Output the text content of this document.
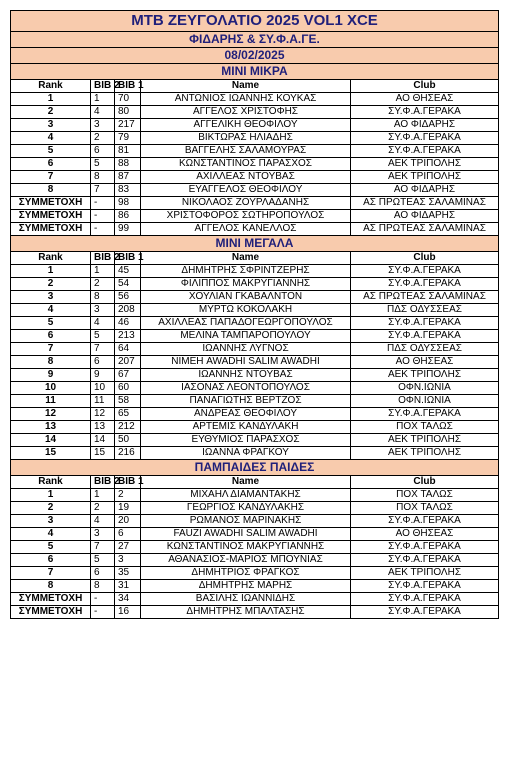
MTB ΖΕΥΓΟΛΑΤΙΟ 2025 VOL1 XCE				
ΦΙΔΑΡΗΣ & ΣΥ.Φ.Α.ΓΕ.				
08/02/2025				
ΜΙΝΙ ΜΙΚΡΑ				
Rank	BIB 2	BIB 1	Name	Club
1	1	70	ΑΝΤΩΝΙΟΣ ΙΩΑΝΝΗΣ ΚΟΥΚΑΣ	ΑΟ ΘΗΣΕΑΣ
2	4	80	ΑΓΓΕΛΟΣ ΧΡΙΣΤΟΦΗΣ	ΣΥ.Φ.Α.ΓΕΡΑΚΑ
3	3	217	ΑΓΓΕΛΙΚΗ ΘΕΟΦΙΛΟΥ	ΑΟ ΦΙΔΑΡΗΣ
4	2	79	ΒΙΚΤΩΡΑΣ ΗΛΙΑΔΗΣ	ΣΥ.Φ.Α.ΓΕΡΑΚΑ
5	6	81	ΒΑΓΓΕΛΗΣ ΣΑΛΑΜΟΥΡΑΣ	ΣΥ.Φ.Α.ΓΕΡΑΚΑ
6	5	88	ΚΩΝΣΤΑΝΤΙΝΟΣ ΠΑΡΑΣΧΟΣ	ΑΕΚ ΤΡΙΠΟΛΗΣ
7	8	87	ΑΧΙΛΛΕΑΣ ΝΤΟΥΒΑΣ	ΑΕΚ ΤΡΙΠΟΛΗΣ
8	7	83	ΕΥΑΓΓΕΛΟΣ ΘΕΟΦΙΛΟΥ	ΑΟ ΦΙΔΑΡΗΣ
ΣΥΜΜΕΤΟΧΗ	-	98	ΝΙΚΟΛΑΟΣ ΖΟΥΡΛΑΔΑΝΗΣ	ΑΣ ΠΡΩΤΕΑΣ ΣΑΛΑΜΙΝΑΣ
ΣΥΜΜΕΤΟΧΗ	-	86	ΧΡΙΣΤΟΦΟΡΟΣ ΣΩΤΗΡΟΠΟΥΛΟΣ	ΑΟ ΦΙΔΑΡΗΣ
ΣΥΜΜΕΤΟΧΗ	-	99	ΑΓΓΕΛΟΣ ΚΑΝΕΛΛΟΣ	ΑΣ ΠΡΩΤΕΑΣ ΣΑΛΑΜΙΝΑΣ
ΜΙΝΙ ΜΕΓΑΛΑ				
Rank	BIB 2	BIB 1	Name	Club
1	1	45	ΔΗΜΗΤΡΗΣ ΣΦΡΙΝΤΖΕΡΗΣ	ΣΥ.Φ.Α.ΓΕΡΑΚΑ
2	2	54	ΦΙΛΙΠΠΟΣ ΜΑΚΡΥΓΙΑΝΝΗΣ	ΣΥ.Φ.Α.ΓΕΡΑΚΑ
3	8	56	ΧΟΥΛΙΑΝ ΓΚΑΒΑΛΝΤΟΝ	ΑΣ ΠΡΩΤΕΑΣ ΣΑΛΑΜΙΝΑΣ
4	3	208	ΜΥΡΤΩ ΚΟΚΟΛΑΚΗ	ΠΔΣ ΟΔΥΣΣΕΑΣ
5	4	46	ΑΧΙΛΛΕΑΣ ΠΑΠΑΔΟΓΕΩΡΓΟΠΟΥΛΟΣ	ΣΥ.Φ.Α.ΓΕΡΑΚΑ
6	5	213	ΜΕΛΙΝΑ ΤΑΜΠΑΡΟΠΟΥΛΟΥ	ΣΥ.Φ.Α.ΓΕΡΑΚΑ
7	7	64	ΙΩΑΝΝΗΣ ΛΥΓΝΟΣ	ΠΔΣ ΟΔΥΣΣΕΑΣ
8	6	207	ΝΙΜΕΗ AWADHI SALIM AWADHI	ΑΟ ΘΗΣΕΑΣ
9	9	67	ΙΩΑΝΝΗΣ ΝΤΟΥΒΑΣ	ΑΕΚ ΤΡΙΠΟΛΗΣ
10	10	60	ΙΑΣΟΝΑΣ ΛΕΟΝΤΟΠΟΥΛΟΣ	ΟΦΝ.ΙΩΝΙΑ
11	11	58	ΠΑΝΑΓΙΩΤΗΣ ΒΕΡΤΖΟΣ	ΟΦΝ.ΙΩΝΙΑ
12	12	65	ΑΝΔΡΕΑΣ ΘΕΟΦΙΛΟΥ	ΣΥ.Φ.Α.ΓΕΡΑΚΑ
13	13	212	ΑΡΤΕΜΙΣ ΚΑΝΔΥΛΑΚΗ	ΠΟΧ ΤΑΛΩΣ
14	14	50	ΕΥΘΥΜΙΟΣ ΠΑΡΑΣΧΟΣ	ΑΕΚ ΤΡΙΠΟΛΗΣ
15	15	216	ΙΩΑΝΝΑ ΦΡΑΓΚΟΥ	ΑΕΚ ΤΡΙΠΟΛΗΣ
ΠΑΜΠΑΙΔΕΣ ΠΑΙΔΕΣ				
Rank	BIB 2	BIB 1	Name	Club
1	1	2	ΜΙΧΑΗΛ ΔΙΑΜΑΝΤΑΚΗΣ	ΠΟΧ ΤΑΛΩΣ
2	2	19	ΓΕΩΡΓΙΟΣ ΚΑΝΔΥΛΑΚΗΣ	ΠΟΧ ΤΑΛΩΣ
3	4	20	ΡΩΜΑΝΟΣ ΜΑΡΙΝΑΚΗΣ	ΣΥ.Φ.Α.ΓΕΡΑΚΑ
4	3	6	FAUZI AWADHI SALIM AWADHI	ΑΟ ΘΗΣΕΑΣ
5	7	27	ΚΩΝΣΤΑΝΤΙΝΟΣ ΜΑΚΡΥΓΙΑΝΝΗΣ	ΣΥ.Φ.Α.ΓΕΡΑΚΑ
6	5	3	ΑΘΑΝΑΣΙΟΣ-ΜΑΡΙΟΣ ΜΠΟΥΝΙΑΣ	ΣΥ.Φ.Α.ΓΕΡΑΚΑ
7	6	35	ΔΗΜΗΤΡΙΟΣ ΦΡΑΓΚΟΣ	ΑΕΚ ΤΡΙΠΟΛΗΣ
8	8	31	ΔΗΜΗΤΡΗΣ ΜΑΡΗΣ	ΣΥ.Φ.Α.ΓΕΡΑΚΑ
ΣΥΜΜΕΤΟΧΗ	-	34	ΒΑΣΙΛΗΣ ΙΩΑΝΝΙΔΗΣ	ΣΥ.Φ.Α.ΓΕΡΑΚΑ
ΣΥΜΜΕΤΟΧΗ	-	16	ΔΗΜΗΤΡΗΣ ΜΠΑΛΤΑΣΗΣ	ΣΥ.Φ.Α.ΓΕΡΑΚΑ
